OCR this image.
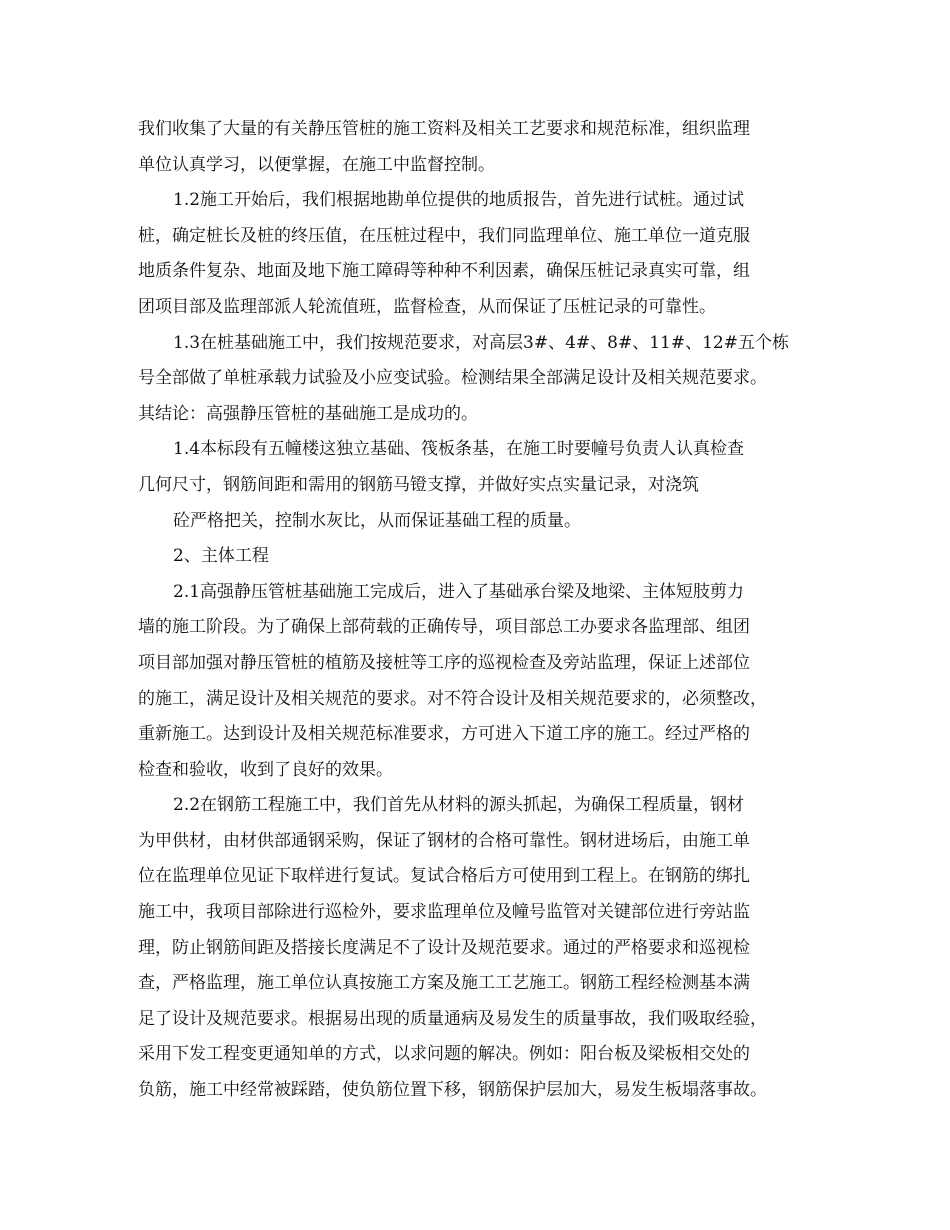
我们收集了大量的有关静压管桩的施工资料及相关工艺要求和规范标准，组织监理
单位认真学习，以便掌握，在施工中监督控制。
1.2施工开始后，我们根据地勘单位提供的地质报告，首先进行试桩。通过试
桩，确定桩长及桩的终压值，在压桩过程中，我们同监理单位、施工单位一道克服
地质条件复杂、地面及地下施工障碍等种种不利因素，确保压桩记录真实可靠，组
团项目部及监理部派人轮流值班，监督检查，从而保证了压桩记录的可靠性。
1.3在桩基础施工中，我们按规范要求，对高层3#、4#、8#、11#、12#五个栋
号全部做了单桩承载力试验及小应变试验。检测结果全部满足设计及相关规范要求。
其结论：高强静压管桩的基础施工是成功的。
1.4本标段有五幢楼这独立基础、筏板条基，在施工时要幢号负责人认真检查
几何尺寸，钢筋间距和需用的钢筋马镫支撑，并做好实点实量记录，对浇筑
砼严格把关，控制水灰比，从而保证基础工程的质量。
2、主体工程
2.1高强静压管桩基础施工完成后，进入了基础承台梁及地梁、主体短肢剪力
墙的施工阶段。为了确保上部荷载的正确传导，项目部总工办要求各监理部、组团
项目部加强对静压管桩的植筋及接桩等工序的巡视检查及旁站监理，保证上述部位
的施工，满足设计及相关规范的要求。对不符合设计及相关规范要求的，必须整改，
重新施工。达到设计及相关规范标准要求，方可进入下道工序的施工。经过严格的
检查和验收，收到了良好的效果。
2.2在钢筋工程施工中，我们首先从材料的源头抓起，为确保工程质量，钢材
为甲供材，由材供部通钢采购，保证了钢材的合格可靠性。钢材进场后，由施工单
位在监理单位见证下取样进行复试。复试合格后方可使用到工程上。在钢筋的绑扎
施工中，我项目部除进行巡检外，要求监理单位及幢号监管对关键部位进行旁站监
理，防止钢筋间距及搭接长度满足不了设计及规范要求。通过的严格要求和巡视检
查，严格监理，施工单位认真按施工方案及施工工艺施工。钢筋工程经检测基本满
足了设计及规范要求。根据易出现的质量通病及易发生的质量事故，我们吸取经验，
采用下发工程变更通知单的方式，以求问题的解决。例如：阳台板及梁板相交处的
负筋，施工中经常被踩踏，使负筋位置下移，钢筋保护层加大，易发生板塌落事故。
